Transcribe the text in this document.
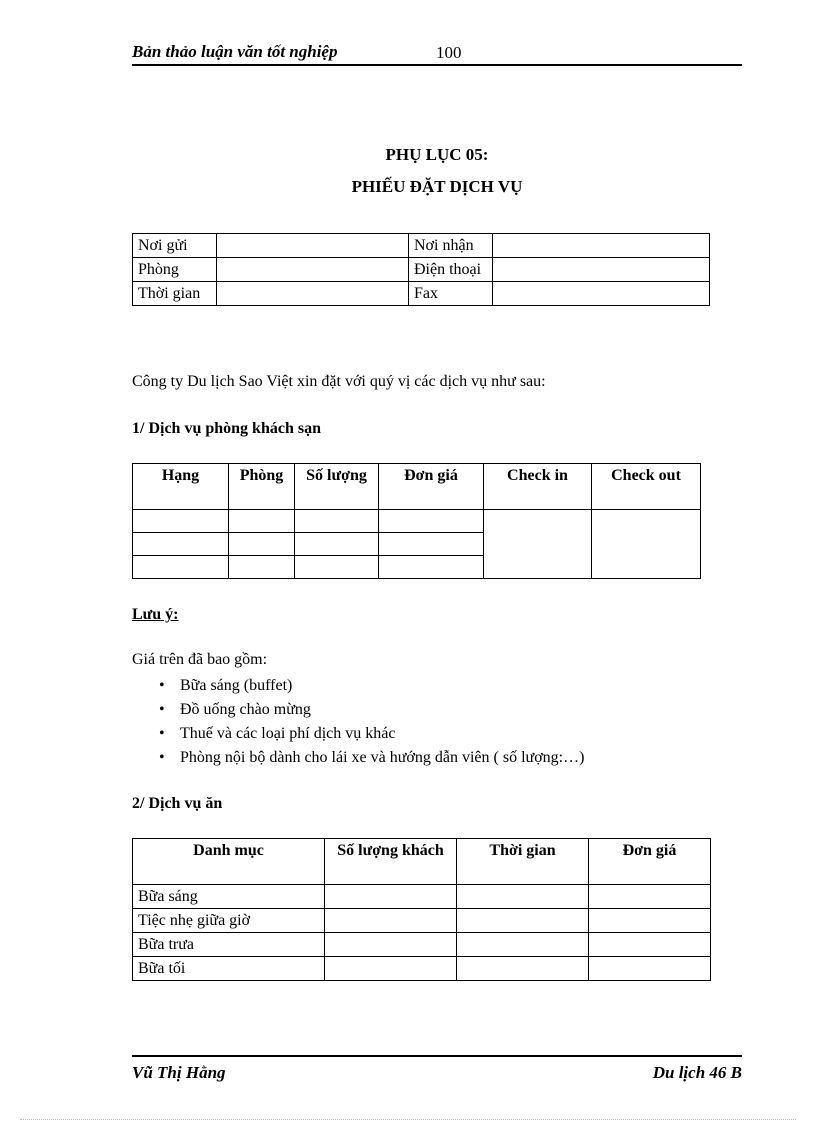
Bản thảo luận văn tốt nghiệp	100
PHỤ LỤC 05:
PHIẾU ĐẶT DỊCH VỤ
Nơi gửi		Nơi nhận	
Phòng		Điện thoại	
Thời gian		Fax	
Công ty Du lịch Sao Việt xin đặt với quý vị các dịch vụ như sau:
1/ Dịch vụ phòng khách sạn
Hạng	Phòng	Số lượng	Đơn giá	Check in	Check out

Lưu ý:
Giá trên đã bao gồm:
• Bữa sáng (buffet)
• Đồ uống chào mừng
• Thuế và các loại phí dịch vụ khác
• Phòng nội bộ dành cho lái xe và hướng dẫn viên ( số lượng:…)
2/ Dịch vụ ăn
Danh mục	Số lượng khách	Thời gian	Đơn giá
Bữa sáng			
Tiệc nhẹ giữa giờ			
Bữa trưa			
Bữa tối			
Vũ Thị Hằng	Du lịch 46 B
